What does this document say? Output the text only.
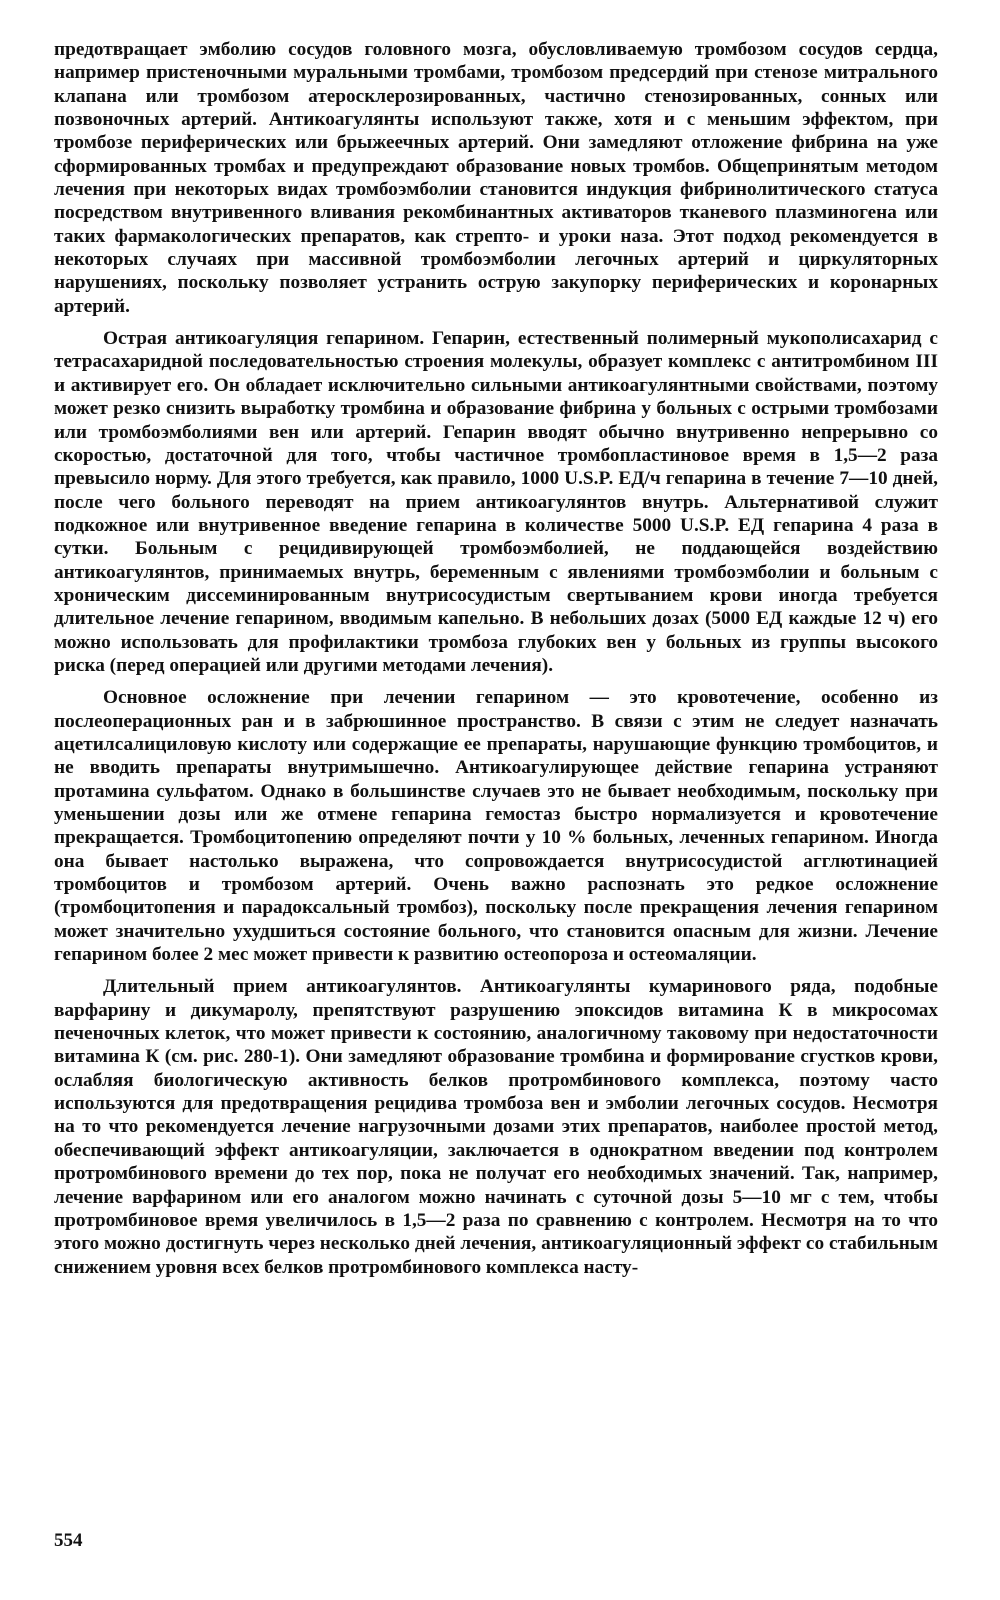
предотвращает эмболию сосудов головного мозга, обусловливаемую тромбозом сосудов сердца, например пристеночными муральными тромбами, тромбозом предсердий при стенозе митрального клапана или тромбозом атеросклерозированных, частично стенозированных, сонных или позвоночных артерий. Антикоагулянты используют также, хотя и с меньшим эффектом, при тромбозе периферических или брыжеечных артерий. Они замедляют отложение фибрина на уже сформированных тромбах и предупреждают образование новых тромбов. Общепринятым методом лечения при некоторых видах тромбоэмболии становится индукция фибринолитического статуса посредством внутривенного вливания рекомбинантных активаторов тканевого плазминогена или таких фармакологических препаратов, как стрепто- и уроки наза. Этот подход рекомендуется в некоторых случаях при массивной тромбоэмболии легочных артерий и циркуляторных нарушениях, поскольку позволяет устранить острую закупорку периферических и коронарных артерий.

Острая антикоагуляция гепарином. Гепарин, естественный полимерный мукополисахарид с тетрасахаридной последовательностью строения молекулы, образует комплекс с антитромбином III и активирует его. Он обладает исключительно сильными антикоагулянтными свойствами, поэтому может резко снизить выработку тромбина и образование фибрина у больных с острыми тромбозами или тромбоэмболиями вен или артерий. Гепарин вводят обычно внутривенно непрерывно со скоростью, достаточной для того, чтобы частичное тромбопластиновое время в 1,5—2 раза превысило норму. Для этого требуется, как правило, 1000 U.S.P. ЕД/ч гепарина в течение 7—10 дней, после чего больного переводят на прием антикоагулянтов внутрь. Альтернативой служит подкожное или внутривенное введение гепарина в количестве 5000 U.S.P. ЕД гепарина 4 раза в сутки. Больным с рецидивирующей тромбоэмболией, не поддающейся воздействию антикоагулянтов, принимаемых внутрь, беременным с явлениями тромбоэмболии и больным с хроническим диссеминированным внутрисосудистым свертыванием крови иногда требуется длительное лечение гепарином, вводимым капельно. В небольших дозах (5000 ЕД каждые 12 ч) его можно использовать для профилактики тромбоза глубоких вен у больных из группы высокого риска (перед операцией или другими методами лечения).

Основное осложнение при лечении гепарином — это кровотечение, особенно из послеоперационных ран и в забрюшинное пространство. В связи с этим не следует назначать ацетилсалициловую кислоту или содержащие ее препараты, нарушающие функцию тромбоцитов, и не вводить препараты внутримышечно. Антикоагулирующее действие гепарина устраняют протамина сульфатом. Однако в большинстве случаев это не бывает необходимым, поскольку при уменьшении дозы или же отмене гепарина гемостаз быстро нормализуется и кровотечение прекращается. Тромбоцитопению определяют почти у 10 % больных, леченных гепарином. Иногда она бывает настолько выражена, что сопровождается внутрисосудистой агглютинацией тромбоцитов и тромбозом артерий. Очень важно распознать это редкое осложнение (тромбоцитопения и парадоксальный тромбоз), поскольку после прекращения лечения гепарином может значительно ухудшиться состояние больного, что становится опасным для жизни. Лечение гепарином более 2 мес может привести к развитию остеопороза и остеомаляции.

Длительный прием антикоагулянтов. Антикоагулянты кумаринового ряда, подобные варфарину и дикумаролу, препятствуют разрушению эпоксидов витамина К в микросомах печеночных клеток, что может привести к состоянию, аналогичному таковому при недостаточности витамина К (см. рис. 280-1). Они замедляют образование тромбина и формирование сгустков крови, ослабляя биологическую активность белков протромбинового комплекса, поэтому часто используются для предотвращения рецидива тромбоза вен и эмболии легочных сосудов. Несмотря на то что рекомендуется лечение нагрузочными дозами этих препаратов, наиболее простой метод, обеспечивающий эффект антикоагуляции, заключается в однократном введении под контролем протромбинового времени до тех пор, пока не получат его необходимых значений. Так, например, лечение варфарином или его аналогом можно начинать с суточной дозы 5—10 мг с тем, чтобы протромбиновое время увеличилось в 1,5—2 раза по сравнению с контролем. Несмотря на то что этого можно достигнуть через несколько дней лечения, антикоагуляционный эффект со стабильным снижением уровня всех белков протромбинового комплекса насту-

554
